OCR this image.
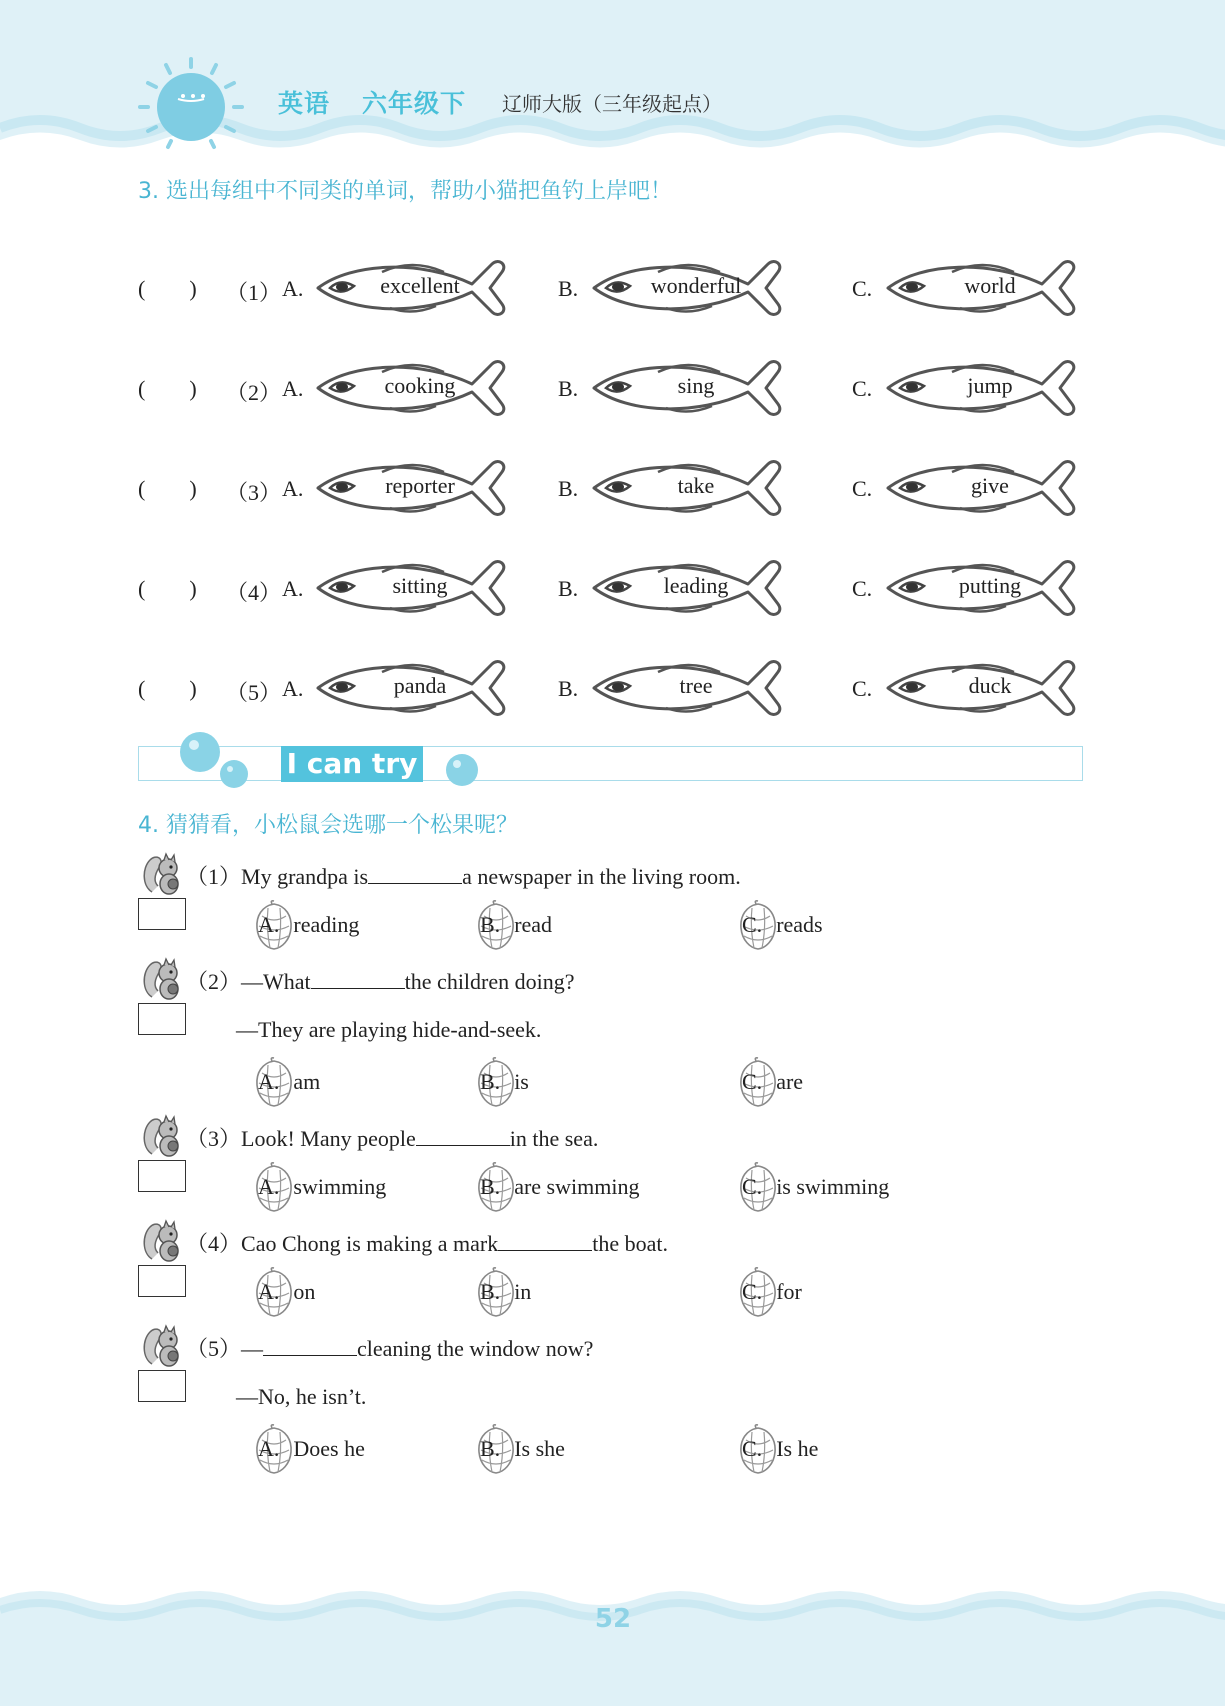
英语 六年级下 辽师大版（三年级起点）
3. 选出每组中不同类的单词，帮助小猫把鱼钓上岸吧！
(        ) （1） A.	excellent	B.	wonderful	C.	world
(        ) （2） A.	cooking	B.	sing	C.	jump
(        ) （3） A.	reporter	B.	take	C.	give
(        ) （4） A.	sitting	B.	leading	C.	putting
(        ) （5） A.	panda	B.	tree	C.	duck
I can try
4. 猜猜看，小松鼠会选哪一个松果呢？
（1）My grandpa is	a newspaper in the living room.
A. reading	B. read	C. reads
（2）—What	the children doing?
—They are playing hide-and-seek.
A. am	B. is	C. are
（3）Look! Many people	in the sea.
A. swimming	B. are swimming	C. is swimming
（4）Cao Chong is making a mark	the boat.
A. on	B. in	C. for
（5）—	cleaning the window now?
—No, he isn’t.
A. Does he	B. Is she	C. Is he
52
